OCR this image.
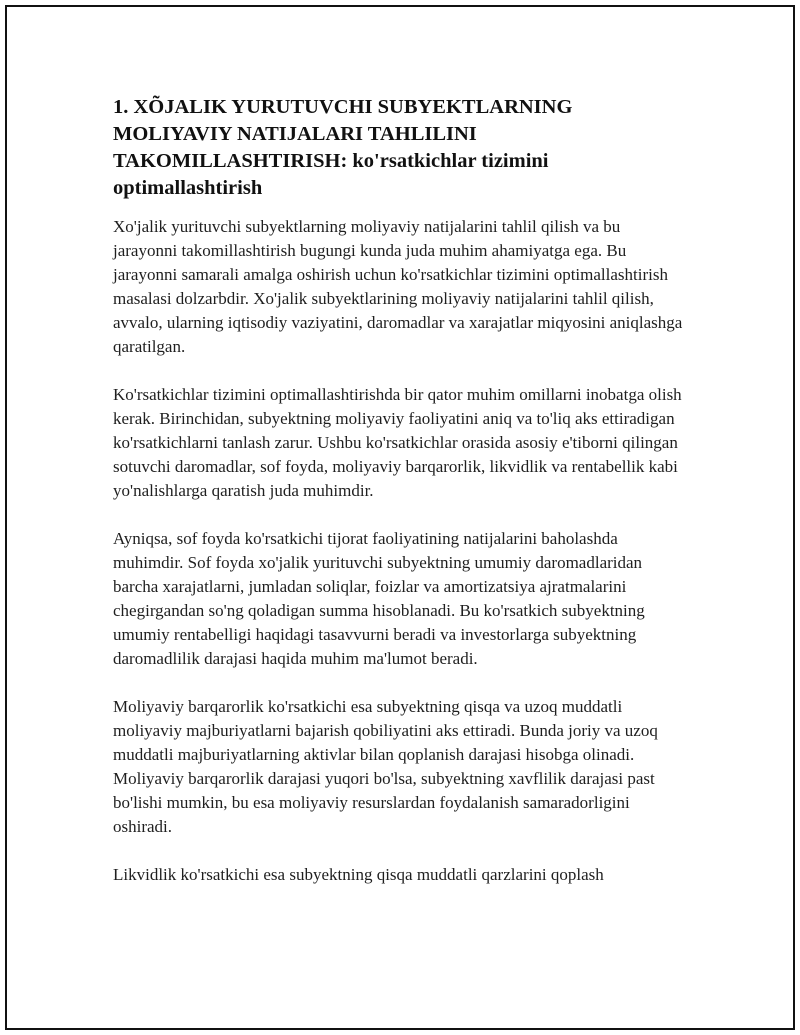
1. XÕJALIK YURUTUVCHI SUBYEKTLARNING MOLIYAVIY NATIJALARI TAHLILINI TAKOMILLASHTIRISH: ko'rsatkichlar tizimini optimallashtirish

Xo'jalik yurituvchi subyektlarning moliyaviy natijalarini tahlil qilish va bu jarayonni takomillashtirish bugungi kunda juda muhim ahamiyatga ega. Bu jarayonni samarali amalga oshirish uchun ko'rsatkichlar tizimini optimallashtirish masalasi dolzarbdir. Xo'jalik subyektlarining moliyaviy natijalarini tahlil qilish, avvalo, ularning iqtisodiy vaziyatini, daromadlar va xarajatlar miqyosini aniqlashga qaratilgan.

Ko'rsatkichlar tizimini optimallashtirishda bir qator muhim omillarni inobatga olish kerak. Birinchidan, subyektning moliyaviy faoliyatini aniq va to'liq aks ettiradigan ko'rsatkichlarni tanlash zarur. Ushbu ko'rsatkichlar orasida asosiy e'tiborni qilingan sotuvchi daromadlar, sof foyda, moliyaviy barqarorlik, likvidlik va rentabellik kabi yo'nalishlarga qaratish juda muhimdir.

Ayniqsa, sof foyda ko'rsatkichi tijorat faoliyatining natijalarini baholashda muhimdir. Sof foyda xo'jalik yurituvchi subyektning umumiy daromadlaridan barcha xarajatlarni, jumladan soliqlar, foizlar va amortizatsiya ajratmalarini chegirgandan so'ng qoladigan summa hisoblanadi. Bu ko'rsatkich subyektning umumiy rentabelligi haqidagi tasavvurni beradi va investorlarga subyektning daromadlilik darajasi haqida muhim ma'lumot beradi.

Moliyaviy barqarorlik ko'rsatkichi esa subyektning qisqa va uzoq muddatli moliyaviy majburiyatlarni bajarish qobiliyatini aks ettiradi. Bunda joriy va uzoq muddatli majburiyatlarning aktivlar bilan qoplanish darajasi hisobga olinadi. Moliyaviy barqarorlik darajasi yuqori bo'lsa, subyektning xavflilik darajasi past bo'lishi mumkin, bu esa moliyaviy resurslardan foydalanish samaradorligini oshiradi.

Likvidlik ko'rsatkichi esa subyektning qisqa muddatli qarzlarini qoplash
